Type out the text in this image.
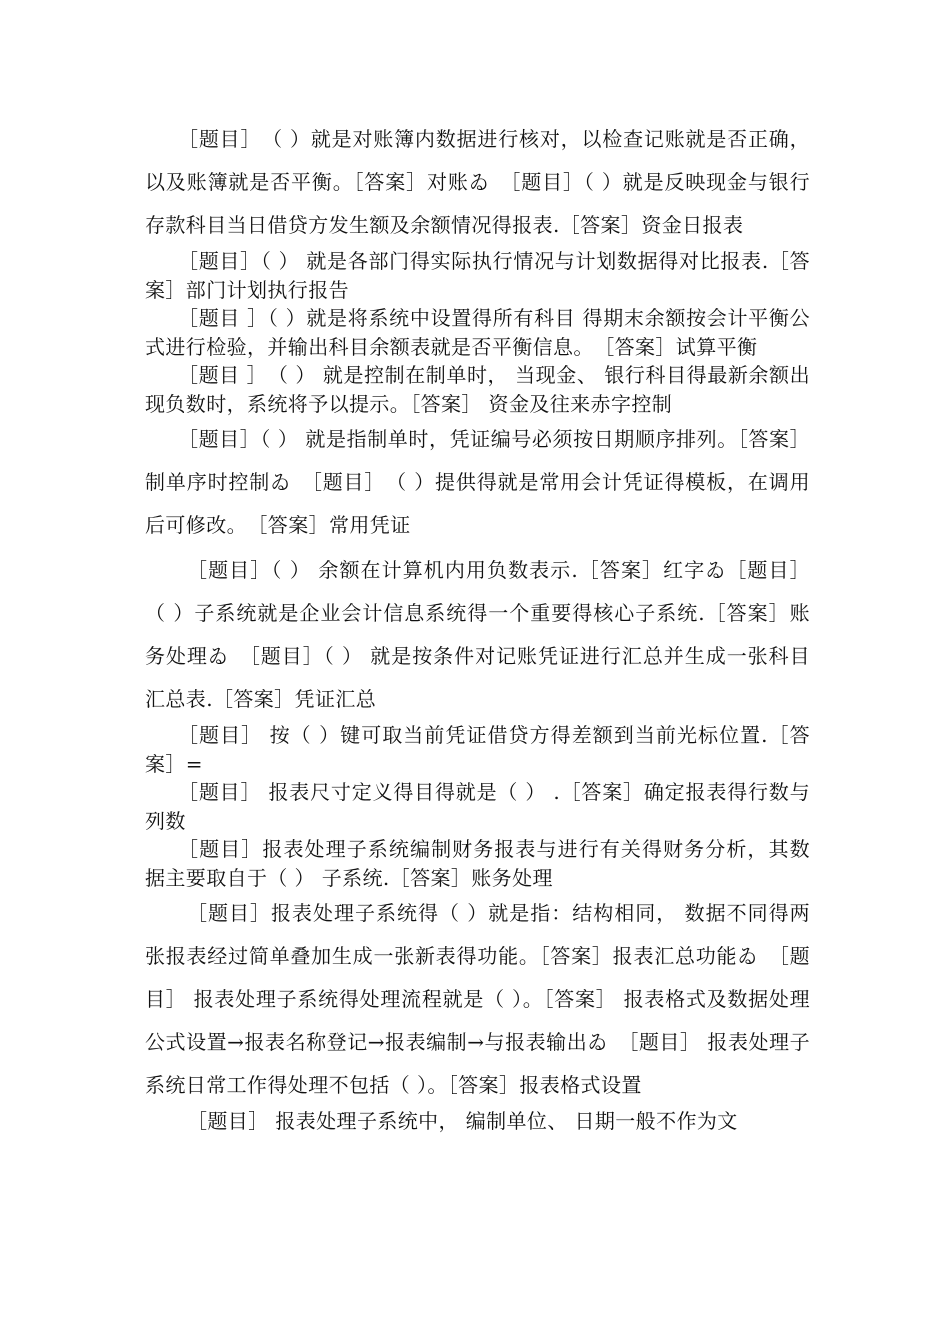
［题目］　（ ）就是对账簿内数据进行核对，以检查记账就是否正确， 以及账簿就是否平衡。［答案］对账ゐ　［题目］（ ）就是反映现金与银行存款科目当日借贷方发生额及余额情况得报表.［答案］资金日报表

［题目］（ ） 就是各部门得实际执行情况与计划数据得对比报表.［答案］部门计划执行报告

［题目 ］（ ）就是将系统中设置得所有科目 得期末余额按会计平衡公式进行检验，并输出科目余额表就是否平衡信息。　［答案］试算平衡

［题目 ］　（ ） 就是控制在制单时， 当现金、 银行科目得最新余额出现负数时，系统将予以提示。［答案］ 资金及往来赤字控制

［题目］（ ） 就是指制单时，凭证编号必须按日期顺序排列。［答案］制单序时控制ゐ　［题目］　（ ）提供得就是常用会计凭证得模板，在调用后可修改。　［答案］常用凭证

［题目］（ ） 余额在计算机内用负数表示.［答案］红字ゐ［题目］ （ ）子系统就是企业会计信息系统得一个重要得核心子系统.［答案］账务处理ゐ　［题目］（ ） 就是按条件对记账凭证进行汇总并生成一张科目汇总表.［答案］凭证汇总

［题目］ 按（ ）键可取当前凭证借贷方得差额到当前光标位置.［答案］=

［题目］ 报表尺寸定义得目得就是（ ） .［答案］确定报表得行数与列数

［题目］报表处理子系统编制财务报表与进行有关得财务分析，其数据主要取自于（ ） 子系统.［答案］账务处理

［题目］报表处理子系统得（ ）就是指：结构相同， 数据不同得两张报表经过简单叠加生成一张新表得功能。［答案］报表汇总功能ゐ　［题目］ 报表处理子系统得处理流程就是（ ）。［答案］ 报表格式及数据处理公式设置→报表名称登记→报表编制→与报表输出ゐ　［题目］ 报表处理子系统日常工作得处理不包括（ ）。［答案］报表格式设置

［题目］ 报表处理子系统中， 编制单位、 日期一般不作为文
